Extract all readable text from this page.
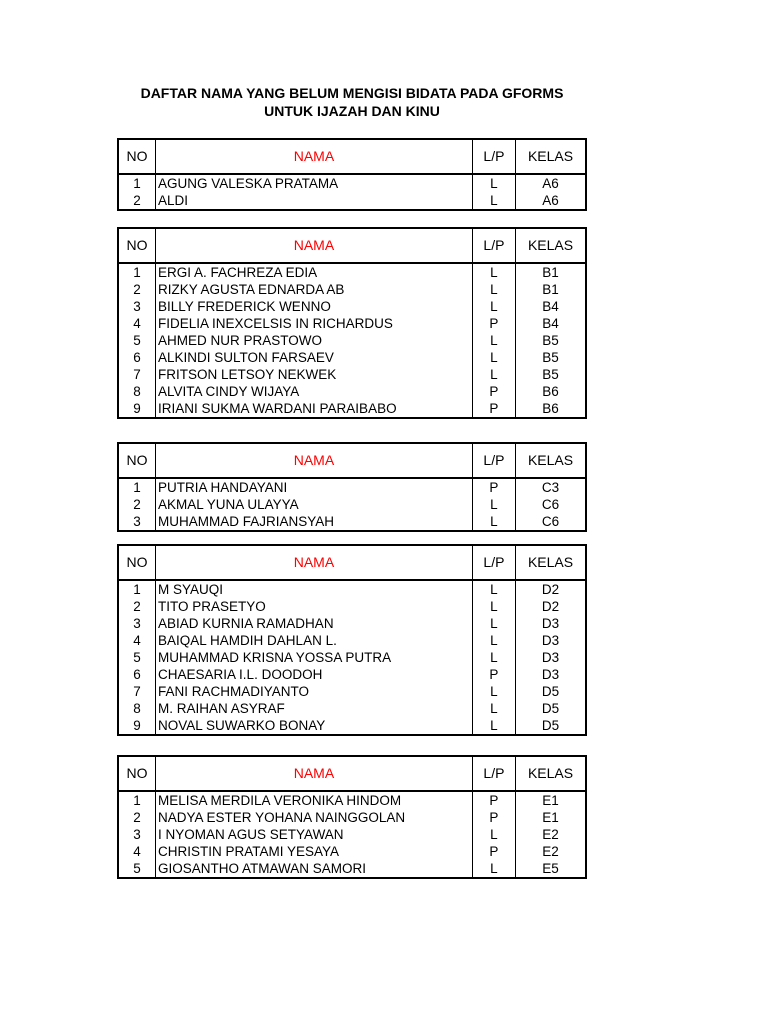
DAFTAR NAMA YANG BELUM MENGISI BIDATA PADA GFORMS
UNTUK IJAZAH DAN KINU
NO	NAMA	L/P	KELAS
1	AGUNG VALESKA PRATAMA	L	A6
2	ALDI	L	A6
NO	NAMA	L/P	KELAS
1	ERGI A. FACHREZA EDIA	L	B1
2	RIZKY AGUSTA EDNARDA AB	L	B1
3	BILLY FREDERICK WENNO	L	B4
4	FIDELIA INEXCELSIS IN RICHARDUS	P	B4
5	AHMED NUR PRASTOWO	L	B5
6	ALKINDI SULTON FARSAEV	L	B5
7	FRITSON LETSOY NEKWEK	L	B5
8	ALVITA CINDY WIJAYA	P	B6
9	IRIANI SUKMA WARDANI PARAIBABO	P	B6
NO	NAMA	L/P	KELAS
1	PUTRIA HANDAYANI	P	C3
2	AKMAL YUNA ULAYYA	L	C6
3	MUHAMMAD FAJRIANSYAH	L	C6
NO	NAMA	L/P	KELAS
1	M SYAUQI	L	D2
2	TITO PRASETYO	L	D2
3	ABIAD KURNIA RAMADHAN	L	D3
4	BAIQAL HAMDIH DAHLAN L.	L	D3
5	MUHAMMAD KRISNA YOSSA PUTRA	L	D3
6	CHAESARIA I.L. DOODOH	P	D3
7	FANI RACHMADIYANTO	L	D5
8	M. RAIHAN ASYRAF	L	D5
9	NOVAL SUWARKO BONAY	L	D5
NO	NAMA	L/P	KELAS
1	MELISA MERDILA VERONIKA HINDOM	P	E1
2	NADYA ESTER YOHANA NAINGGOLAN	P	E1
3	I NYOMAN AGUS SETYAWAN	L	E2
4	CHRISTIN PRATAMI YESAYA	P	E2
5	GIOSANTHO ATMAWAN SAMORI	L	E5
